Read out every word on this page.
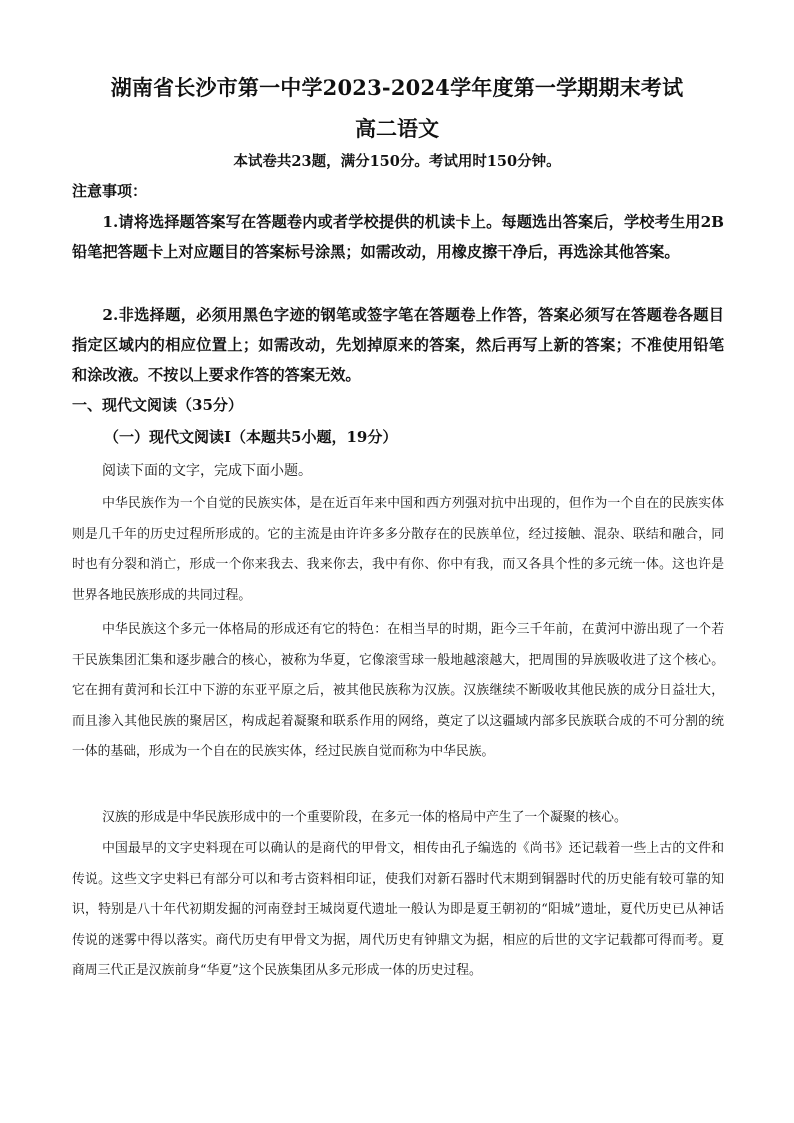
湖南省长沙市第一中学2023-2024学年度第一学期期末考试
高二语文
本试卷共23题，满分150分。考试用时150分钟。
注意事项：
1.请将选择题答案写在答题卷内或者学校提供的机读卡上。每题选出答案后，学校考生用2B铅笔把答题卡上对应题目的答案标号涂黑；如需改动，用橡皮擦干净后，再选涂其他答案。
2.非选择题，必须用黑色字迹的钢笔或签字笔在答题卷上作答，答案必须写在答题卷各题目指定区域内的相应位置上；如需改动，先划掉原来的答案，然后再写上新的答案；不准使用铅笔和涂改液。不按以上要求作答的答案无效。
一、现代文阅读（35分）
（一）现代文阅读Ⅰ（本题共5小题，19分）
阅读下面的文字，完成下面小题。
中华民族作为一个自觉的民族实体，是在近百年来中国和西方列强对抗中出现的，但作为一个自在的民族实体则是几千年的历史过程所形成的。它的主流是由许许多多分散存在的民族单位，经过接触、混杂、联结和融合，同时也有分裂和消亡，形成一个你来我去、我来你去，我中有你、你中有我，而又各具个性的多元统一体。这也许是世界各地民族形成的共同过程。
中华民族这个多元一体格局的形成还有它的特色：在相当早的时期，距今三千年前，在黄河中游出现了一个若干民族集团汇集和逐步融合的核心，被称为华夏，它像滚雪球一般地越滚越大，把周围的异族吸收进了这个核心。它在拥有黄河和长江中下游的东亚平原之后，被其他民族称为汉族。汉族继续不断吸收其他民族的成分日益壮大，而且渗入其他民族的聚居区，构成起着凝聚和联系作用的网络，奠定了以这疆域内部多民族联合成的不可分割的统一体的基础，形成为一个自在的民族实体，经过民族自觉而称为中华民族。
汉族的形成是中华民族形成中的一个重要阶段，在多元一体的格局中产生了一个凝聚的核心。
中国最早的文字史料现在可以确认的是商代的甲骨文，相传由孔子编选的《尚书》还记载着一些上古的文件和传说。这些文字史料已有部分可以和考古资料相印证，使我们对新石器时代末期到铜器时代的历史能有较可靠的知识，特别是八十年代初期发掘的河南登封王城岗夏代遗址一般认为即是夏王朝初的“阳城”遗址，夏代历史已从神话传说的迷雾中得以落实。商代历史有甲骨文为据，周代历史有钟鼎文为据，相应的后世的文字记载都可得而考。夏商周三代正是汉族前身“华夏”这个民族集团从多元形成一体的历史过程。
